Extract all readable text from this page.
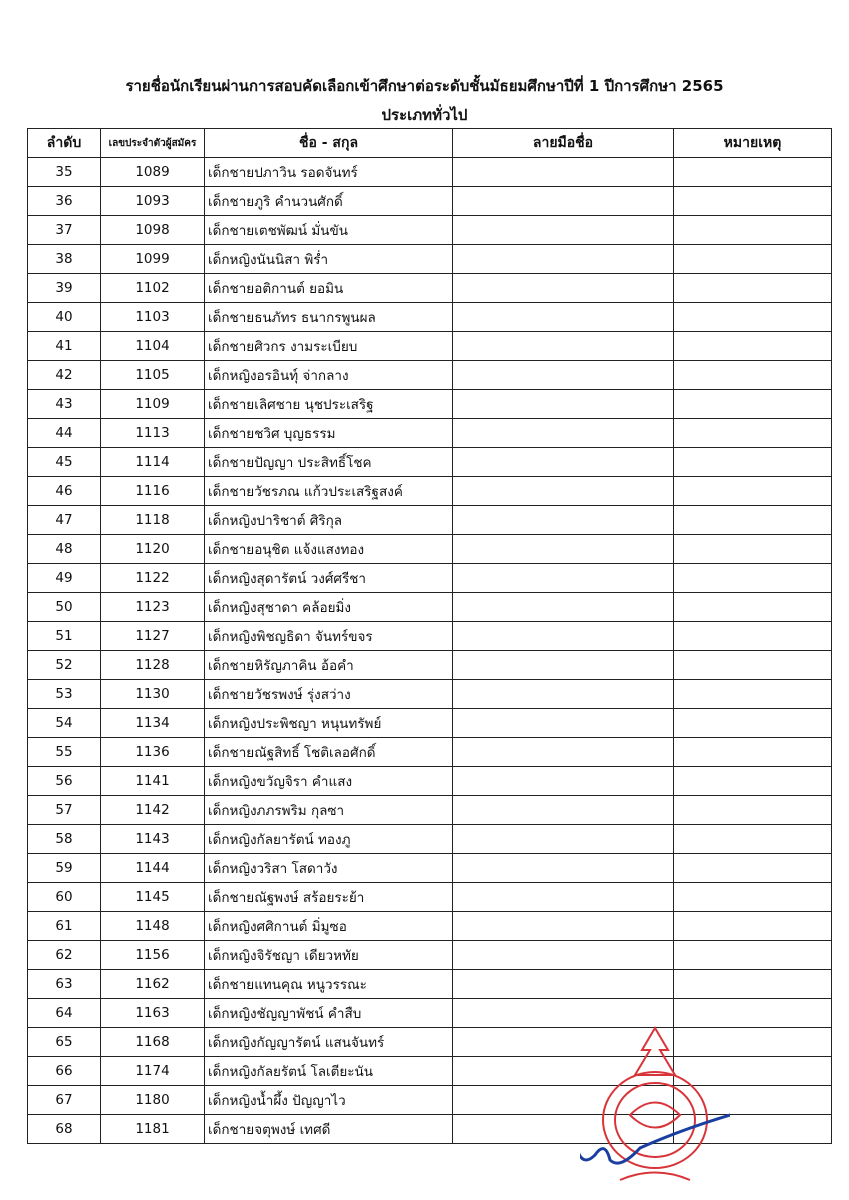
รายชื่อนักเรียนผ่านการสอบคัดเลือกเข้าศึกษาต่อระดับชั้นมัธยมศึกษาปีที่ 1 ปีการศึกษา 2565
ประเภททั่วไป
ลำดับ	เลขประจำตัวผู้สมัคร	ชื่อ - สกุล	ลายมือชื่อ	หมายเหตุ
35	1089	เด็กชายปภาวิน รอดจันทร์		
36	1093	เด็กชายภูริ คำนวนศักดิ์		
37	1098	เด็กชายเตชพัฒน์ มั่นขัน		
38	1099	เด็กหญิงนันนิสา พิร่ำ		
39	1102	เด็กชายอติกานต์ ยอมิน		
40	1103	เด็กชายธนภัทร ธนากรพูนผล		
41	1104	เด็กชายศิวกร งามระเบียบ		
42	1105	เด็กหญิงอรอินทุ์ จ่ากลาง		
43	1109	เด็กชายเลิศชาย นุชประเสริฐ		
44	1113	เด็กชายชวิศ บุญธรรม		
45	1114	เด็กชายปัญญา ประสิทธิ์โชค		
46	1116	เด็กชายวัชรภณ แก้วประเสริฐสงค์		
47	1118	เด็กหญิงปาริชาต์ ศิริกุล		
48	1120	เด็กชายอนุชิต แจ้งแสงทอง		
49	1122	เด็กหญิงสุดารัตน์ วงศ์ศรีชา		
50	1123	เด็กหญิงสุชาดา คล้อยมิ่ง		
51	1127	เด็กหญิงพิชญธิดา จันทร์ขจร		
52	1128	เด็กชายหิรัญภาคิน อ้อคำ		
53	1130	เด็กชายวัชรพงษ์ รุ่งสว่าง		
54	1134	เด็กหญิงประพิชญา หนุนทรัพย์		
55	1136	เด็กชายณัฐสิทธิ์ โชติเลอศักดิ์		
56	1141	เด็กหญิงขวัญจิรา คำแสง		
57	1142	เด็กหญิงภภรพริม กุลซา		
58	1143	เด็กหญิงกัลยารัตน์ ทองภู		
59	1144	เด็กหญิงวริสา โสดาวัง		
60	1145	เด็กชายณัฐพงษ์ สร้อยระย้า		
61	1148	เด็กหญิงศศิกานต์ มิ่มูซอ		
62	1156	เด็กหญิงจิรัชญา เดียวหทัย		
63	1162	เด็กชายแทนคุณ หนูวรรณะ		
64	1163	เด็กหญิงชัญญาพัชน์ คำสืบ		
65	1168	เด็กหญิงกัญญารัตน์ แสนจันทร์		
66	1174	เด็กหญิงกัลยรัตน์ โลเตียะนัน		
67	1180	เด็กหญิงน้ำผึ้ง ปัญญาไว		
68	1181	เด็กชายจตุพงษ์ เทศดี		
